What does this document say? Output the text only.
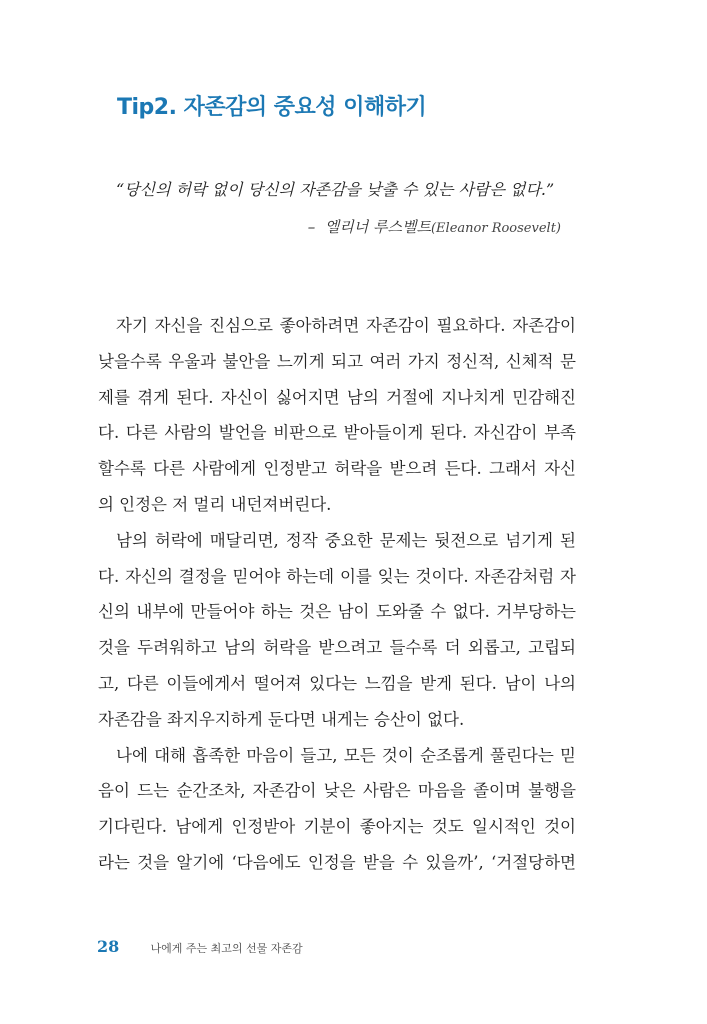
Tip2. 자존감의 중요성 이해하기
“당신의 허락 없이 당신의 자존감을 낮출 수 있는 사람은 없다.”
– 엘리너 루스벨트(Eleanor Roosevelt)
자기 자신을 진심으로 좋아하려면 자존감이 필요하다. 자존감이
낮을수록 우울과 불안을 느끼게 되고 여러 가지 정신적, 신체적 문
제를 겪게 된다. 자신이 싫어지면 남의 거절에 지나치게 민감해진
다. 다른 사람의 발언을 비판으로 받아들이게 된다. 자신감이 부족
할수록 다른 사람에게 인정받고 허락을 받으려 든다. 그래서 자신
의 인정은 저 멀리 내던져버린다.
남의 허락에 매달리면, 정작 중요한 문제는 뒷전으로 넘기게 된
다. 자신의 결정을 믿어야 하는데 이를 잊는 것이다. 자존감처럼 자
신의 내부에 만들어야 하는 것은 남이 도와줄 수 없다. 거부당하는
것을 두려워하고 남의 허락을 받으려고 들수록 더 외롭고, 고립되
고, 다른 이들에게서 떨어져 있다는 느낌을 받게 된다. 남이 나의
자존감을 좌지우지하게 둔다면 내게는 승산이 없다.
나에 대해 흡족한 마음이 들고, 모든 것이 순조롭게 풀린다는 믿
음이 드는 순간조차, 자존감이 낮은 사람은 마음을 졸이며 불행을
기다린다. 남에게 인정받아 기분이 좋아지는 것도 일시적인 것이
라는 것을 알기에 ‘다음에도 인정을 받을 수 있을까’, ‘거절당하면
28	나에게 주는 최고의 선물 자존감
